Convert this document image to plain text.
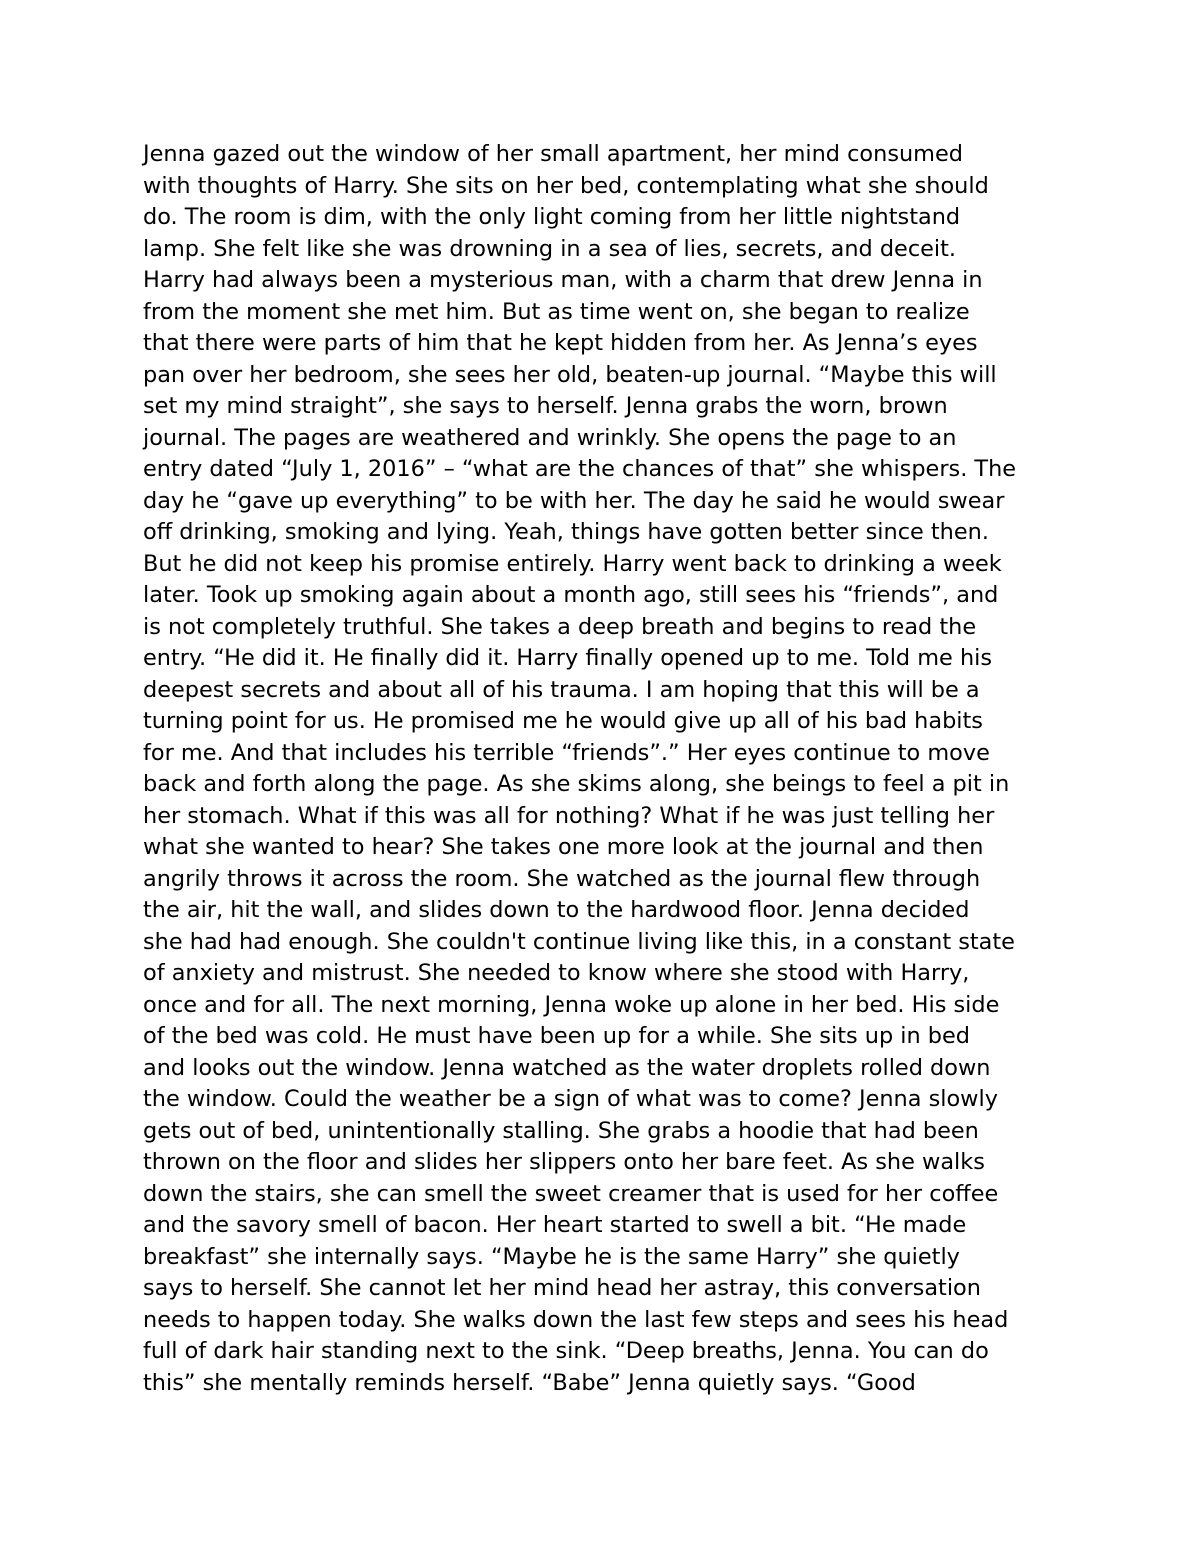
Jenna gazed out the window of her small apartment, her mind consumed
with thoughts of Harry. She sits on her bed, contemplating what she should
do. The room is dim, with the only light coming from her little nightstand
lamp. She felt like she was drowning in a sea of lies, secrets, and deceit.
Harry had always been a mysterious man, with a charm that drew Jenna in
from the moment she met him. But as time went on, she began to realize
that there were parts of him that he kept hidden from her. As Jenna’s eyes
pan over her bedroom, she sees her old, beaten-up journal. “Maybe this will
set my mind straight”, she says to herself. Jenna grabs the worn, brown
journal. The pages are weathered and wrinkly. She opens the page to an
entry dated “July 1, 2016” – “what are the chances of that” she whispers. The
day he “gave up everything” to be with her. The day he said he would swear
off drinking, smoking and lying. Yeah, things have gotten better since then.
But he did not keep his promise entirely. Harry went back to drinking a week
later. Took up smoking again about a month ago, still sees his “friends”, and
is not completely truthful. She takes a deep breath and begins to read the
entry. “He did it. He finally did it. Harry finally opened up to me. Told me his
deepest secrets and about all of his trauma. I am hoping that this will be a
turning point for us. He promised me he would give up all of his bad habits
for me. And that includes his terrible “friends”.” Her eyes continue to move
back and forth along the page. As she skims along, she beings to feel a pit in
her stomach. What if this was all for nothing? What if he was just telling her
what she wanted to hear? She takes one more look at the journal and then
angrily throws it across the room. She watched as the journal flew through
the air, hit the wall, and slides down to the hardwood floor. Jenna decided
she had had enough. She couldn't continue living like this, in a constant state
of anxiety and mistrust. She needed to know where she stood with Harry,
once and for all. The next morning, Jenna woke up alone in her bed. His side
of the bed was cold. He must have been up for a while. She sits up in bed
and looks out the window. Jenna watched as the water droplets rolled down
the window. Could the weather be a sign of what was to come? Jenna slowly
gets out of bed, unintentionally stalling. She grabs a hoodie that had been
thrown on the floor and slides her slippers onto her bare feet. As she walks
down the stairs, she can smell the sweet creamer that is used for her coffee
and the savory smell of bacon. Her heart started to swell a bit. “He made
breakfast” she internally says. “Maybe he is the same Harry” she quietly
says to herself. She cannot let her mind head her astray, this conversation
needs to happen today. She walks down the last few steps and sees his head
full of dark hair standing next to the sink. “Deep breaths, Jenna. You can do
this” she mentally reminds herself. “Babe” Jenna quietly says. “Good
